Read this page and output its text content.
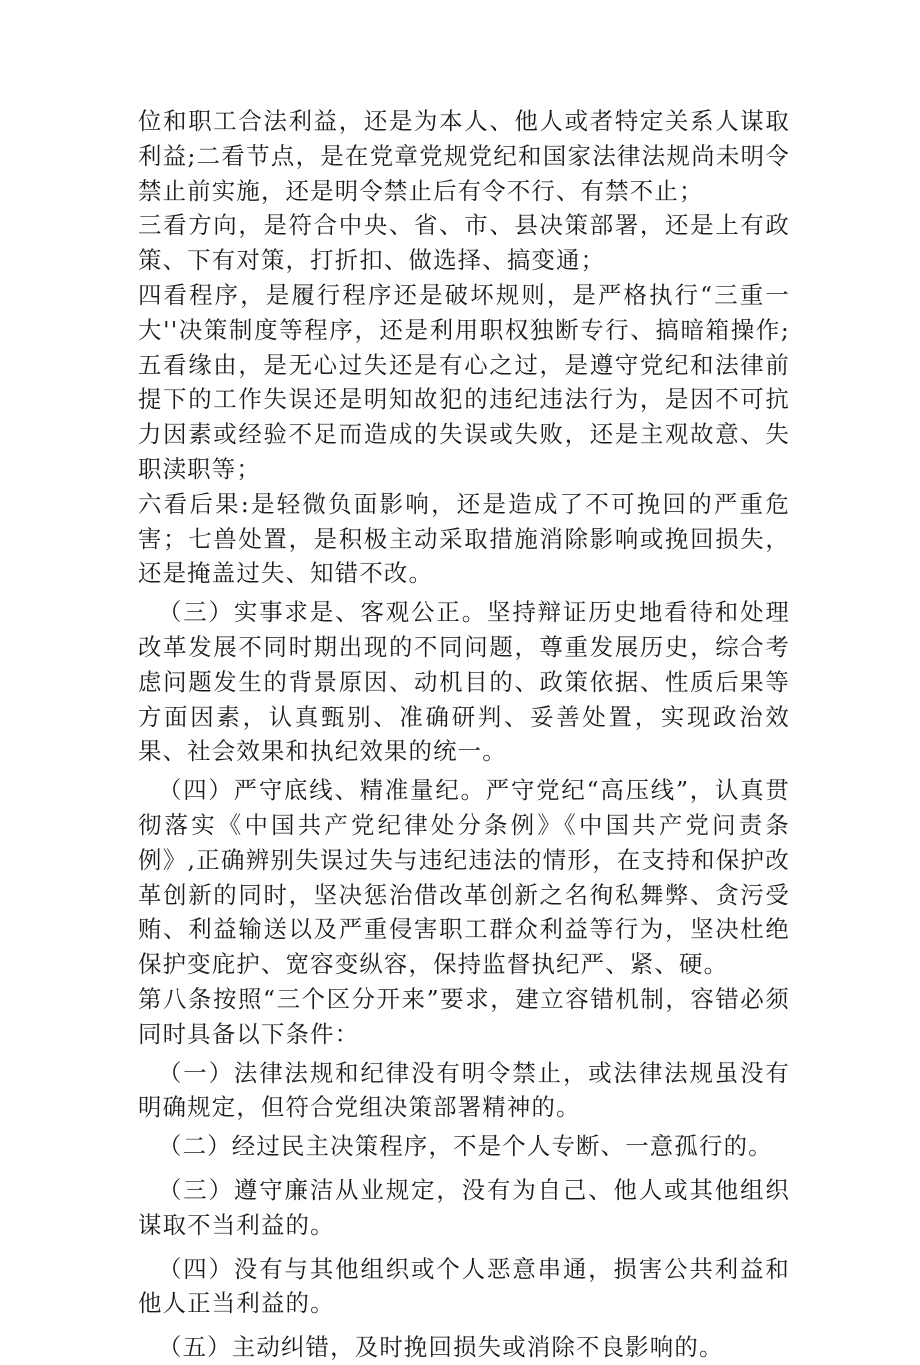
位和职工合法利益，还是为本人、他人或者特定关系人谋取利益;二看节点，是在党章党规党纪和国家法律法规尚未明令禁止前实施，还是明令禁止后有令不行、有禁不止；

三看方向，是符合中央、省、市、县决策部署，还是上有政策、下有对策，打折扣、做选择、搞变通；

四看程序，是履行程序还是破坏规则，是严格执行“三重一大''决策制度等程序，还是利用职权独断专行、搞暗箱操作;五看缘由，是无心过失还是有心之过，是遵守党纪和法律前提下的工作失误还是明知故犯的违纪违法行为，是因不可抗力因素或经验不足而造成的失误或失败，还是主观故意、失职渎职等；

六看后果:是轻微负面影响，还是造成了不可挽回的严重危害；七兽处置，是积极主动采取措施消除影响或挽回损失，还是掩盖过失、知错不改。

（三）实事求是、客观公正。坚持辩证历史地看待和处理改革发展不同时期出现的不同问题，尊重发展历史，综合考虑问题发生的背景原因、动机目的、政策依据、性质后果等方面因素，认真甄别、准确研判、妥善处置，实现政治效果、社会效果和执纪效果的统一。

（四）严守底线、精准量纪。严守党纪“高压线”，认真贯彻落实《中国共产党纪律处分条例》《中国共产党问责条例》,正确辨别失误过失与违纪违法的情形，在支持和保护改革创新的同时，坚决惩治借改革创新之名徇私舞弊、贪污受贿、利益输送以及严重侵害职工群众利益等行为，坚决杜绝保护变庇护、宽容变纵容，保持监督执纪严、紧、硬。

第八条按照“三个区分开来”要求，建立容错机制，容错必须同时具备以下条件：

（一）法律法规和纪律没有明令禁止，或法律法规虽没有明确规定，但符合党组决策部署精神的。

（二）经过民主决策程序，不是个人专断、一意孤行的。

（三）遵守廉洁从业规定，没有为自己、他人或其他组织谋取不当利益的。

（四）没有与其他组织或个人恶意串通，损害公共利益和他人正当利益的。

（五）主动纠错，及时挽回损失或消除不良影响的。
